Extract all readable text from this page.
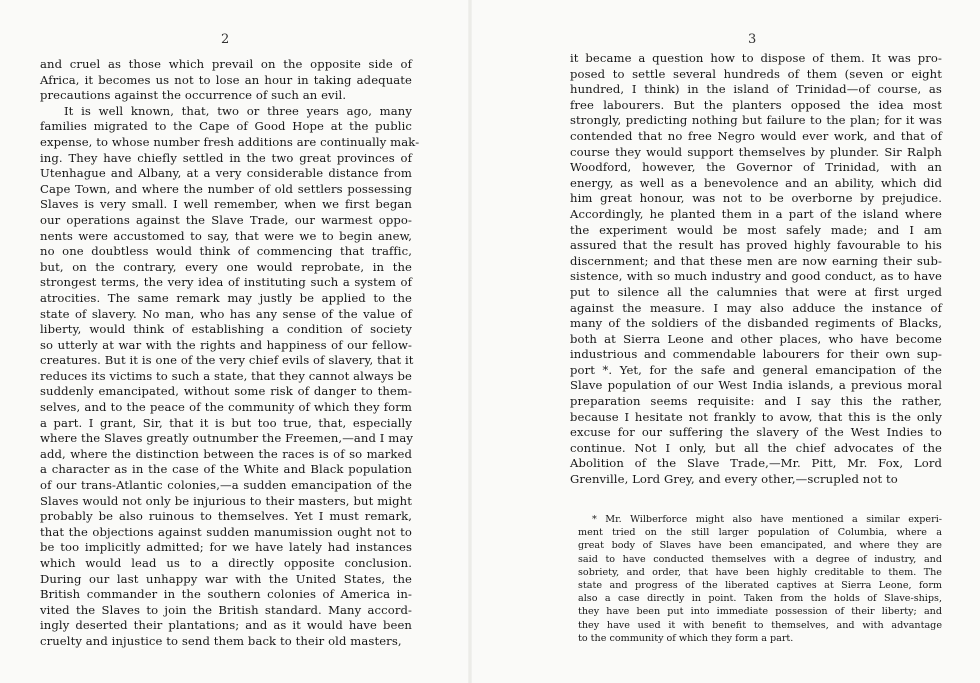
2
and cruel as those which prevail on the opposite side of
Africa, it becomes us not to lose an hour in taking adequate
precautions against the occurrence of such an evil.
It is well known, that, two or three years ago, many
families migrated to the Cape of Good Hope at the public
expense, to whose number fresh additions are continually mak-
ing. They have chiefly settled in the two great provinces of
Utenhague and Albany, at a very considerable distance from
Cape Town, and where the number of old settlers possessing
Slaves is very small. I well remember, when we first began
our operations against the Slave Trade, our warmest oppo-
nents were accustomed to say, that were we to begin anew,
no one doubtless would think of commencing that traffic,
but, on the contrary, every one would reprobate, in the
strongest terms, the very idea of instituting such a system of
atrocities. The same remark may justly be applied to the
state of slavery. No man, who has any sense of the value of
liberty, would think of establishing a condition of society
so utterly at war with the rights and happiness of our fellow-
creatures. But it is one of the very chief evils of slavery, that it
reduces its victims to such a state, that they cannot always be
suddenly emancipated, without some risk of danger to them-
selves, and to the peace of the community of which they form
a part. I grant, Sir, that it is but too true, that, especially
where the Slaves greatly outnumber the Freemen,—and I may
add, where the distinction between the races is of so marked
a character as in the case of the White and Black population
of our trans-Atlantic colonies,—a sudden emancipation of the
Slaves would not only be injurious to their masters, but might
probably be also ruinous to themselves. Yet I must remark,
that the objections against sudden manumission ought not to
be too implicitly admitted; for we have lately had instances
which would lead us to a directly opposite conclusion.
During our last unhappy war with the United States, the
British commander in the southern colonies of America in-
vited the Slaves to join the British standard. Many accord-
ingly deserted their plantations; and as it would have been
cruelty and injustice to send them back to their old masters,
3
it became a question how to dispose of them. It was pro-
posed to settle several hundreds of them (seven or eight
hundred, I think) in the island of Trinidad—of course, as
free labourers. But the planters opposed the idea most
strongly, predicting nothing but failure to the plan; for it was
contended that no free Negro would ever work, and that of
course they would support themselves by plunder. Sir Ralph
Woodford, however, the Governor of Trinidad, with an
energy, as well as a benevolence and an ability, which did
him great honour, was not to be overborne by prejudice.
Accordingly, he planted them in a part of the island where
the experiment would be most safely made; and I am
assured that the result has proved highly favourable to his
discernment; and that these men are now earning their sub-
sistence, with so much industry and good conduct, as to have
put to silence all the calumnies that were at first urged
against the measure. I may also adduce the instance of
many of the soldiers of the disbanded regiments of Blacks,
both at Sierra Leone and other places, who have become
industrious and commendable labourers for their own sup-
port *. Yet, for the safe and general emancipation of the
Slave population of our West India islands, a previous moral
preparation seems requisite: and I say this the rather,
because I hesitate not frankly to avow, that this is the only
excuse for our suffering the slavery of the West Indies to
continue. Not I only, but all the chief advocates of the
Abolition of the Slave Trade,—Mr. Pitt, Mr. Fox, Lord
Grenville, Lord Grey, and every other,—scrupled not to
* Mr. Wilberforce might also have mentioned a similar experi-
ment tried on the still larger population of Columbia, where a
great body of Slaves have been emancipated, and where they are
said to have conducted themselves with a degree of industry, and
sobriety, and order, that have been highly creditable to them. The
state and progress of the liberated captives at Sierra Leone, form
also a case directly in point. Taken from the holds of Slave-ships,
they have been put into immediate possession of their liberty; and
they have used it with benefit to themselves, and with advantage
to the community of which they form a part.
